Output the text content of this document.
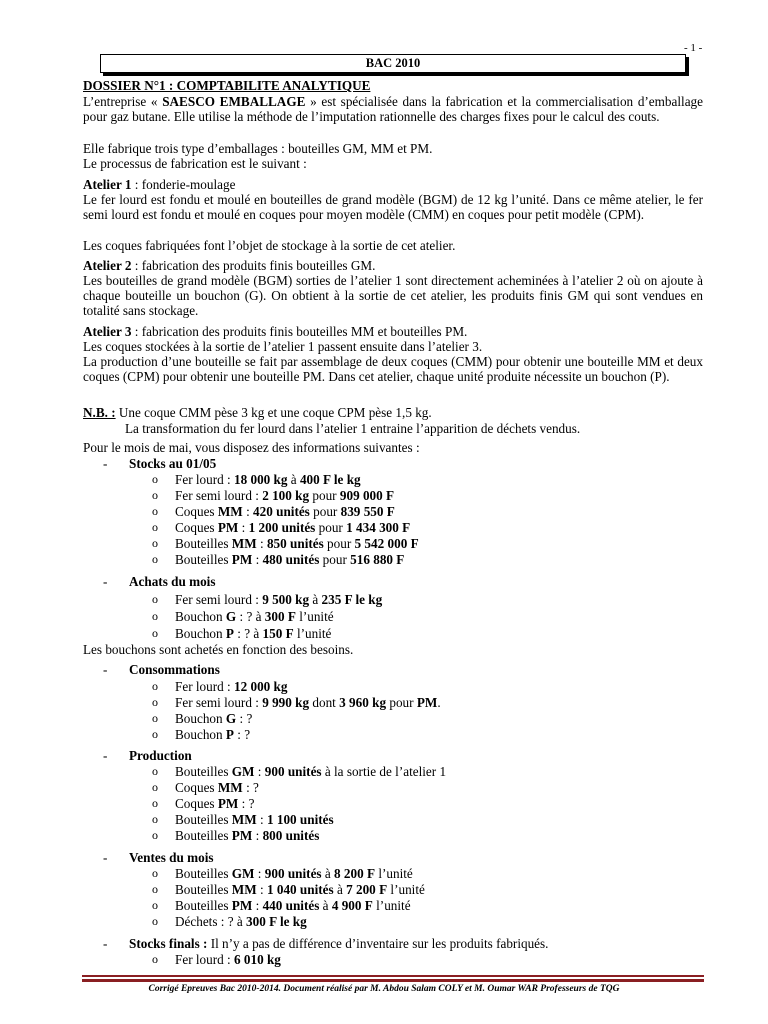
- 1 -
BAC 2010
DOSSIER N°1 : COMPTABILITE ANALYTIQUE
L’entreprise « SAESCO EMBALLAGE » est spécialisée dans la fabrication et la commercialisation d’emballage pour gaz butane. Elle utilise la méthode de l’imputation rationnelle des charges fixes pour le calcul des couts.
Elle fabrique trois type d’emballages : bouteilles GM, MM et PM.
Le processus de fabrication est le suivant :
Atelier 1 : fonderie-moulage
Le fer lourd est fondu et moulé en bouteilles de grand modèle (BGM) de 12 kg l’unité. Dans ce même atelier, le fer semi lourd est fondu et moulé en coques pour moyen modèle (CMM) en coques pour petit modèle (CPM).
Les coques fabriquées font l’objet de stockage à la sortie de cet atelier.
Atelier 2 : fabrication des produits finis bouteilles GM.
Les bouteilles de grand modèle (BGM) sorties de l’atelier 1 sont directement acheminées à l’atelier 2 où on ajoute à chaque bouteille un bouchon (G). On obtient à la sortie de cet atelier, les produits finis GM qui sont vendues en totalité sans stockage.
Atelier 3 : fabrication des produits finis bouteilles MM et bouteilles PM.
Les coques stockées à la sortie de l’atelier 1 passent ensuite dans l’atelier 3.
La production d’une bouteille se fait par assemblage de deux coques (CMM) pour obtenir une bouteille MM et deux coques (CPM) pour obtenir une bouteille PM. Dans cet atelier, chaque unité produite nécessite un bouchon (P).
N.B. : Une coque CMM pèse 3 kg et une coque CPM pèse 1,5 kg.
La transformation du fer lourd dans l’atelier 1 entraine l’apparition de déchets vendus.
Pour le mois de mai, vous disposez des informations suivantes :
- Stocks au 01/05
o Fer lourd : 18 000 kg à 400 F le kg
o Fer semi lourd : 2 100 kg pour 909 000 F
o Coques MM : 420 unités pour 839 550 F
o Coques PM : 1 200 unités pour 1 434 300 F
o Bouteilles MM : 850 unités pour 5 542 000 F
o Bouteilles PM : 480 unités pour 516 880 F
- Achats du mois
o Fer semi lourd : 9 500 kg à 235 F le kg
o Bouchon G : ? à 300 F l’unité
o Bouchon P : ? à 150 F l’unité
Les bouchons sont achetés en fonction des besoins.
- Consommations
o Fer lourd : 12 000 kg
o Fer semi lourd : 9 990 kg dont 3 960 kg pour PM.
o Bouchon G : ?
o Bouchon P : ?
- Production
o Bouteilles GM : 900 unités à la sortie de l’atelier 1
o Coques MM : ?
o Coques PM : ?
o Bouteilles MM : 1 100 unités
o Bouteilles PM : 800 unités
- Ventes du mois
o Bouteilles GM : 900 unités à 8 200 F l’unité
o Bouteilles MM : 1 040 unités à 7 200 F l’unité
o Bouteilles PM : 440 unités à 4 900 F l’unité
o Déchets : ? à 300 F le kg
- Stocks finals : Il n’y a pas de différence d’inventaire sur les produits fabriqués.
o Fer lourd : 6 010 kg
Corrigé Epreuves Bac 2010-2014. Document réalisé par M. Abdou Salam COLY et M. Oumar WAR Professeurs de TQG
